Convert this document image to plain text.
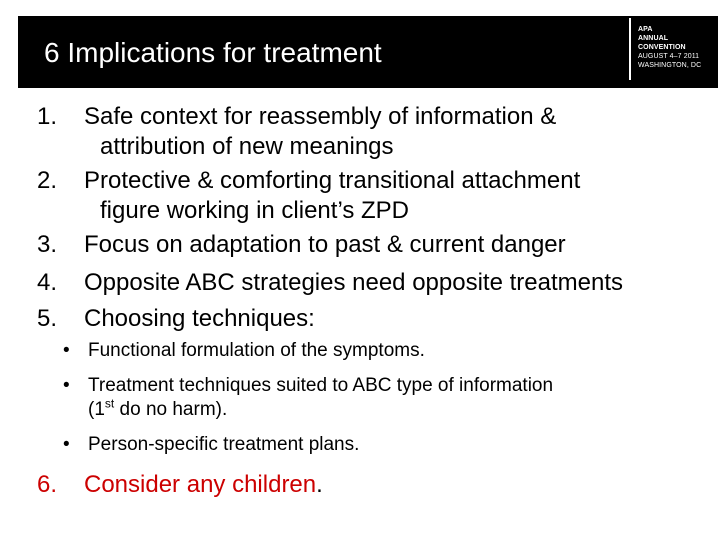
6 Implications for treatment
APA
ANNUAL
CONVENTION
AUGUST 4–7 2011
WASHINGTON, DC
1. Safe context for reassembly of information &
attribution of new meanings
2. Protective & comforting transitional attachment
figure working in client’s ZPD
3. Focus on adaptation to past & current danger
4. Opposite ABC strategies need opposite treatments
5. Choosing techniques:
• Functional formulation of the symptoms.
• Treatment techniques suited to ABC type of information
(1st do no harm).
• Person-specific treatment plans.
6. Consider any children.
